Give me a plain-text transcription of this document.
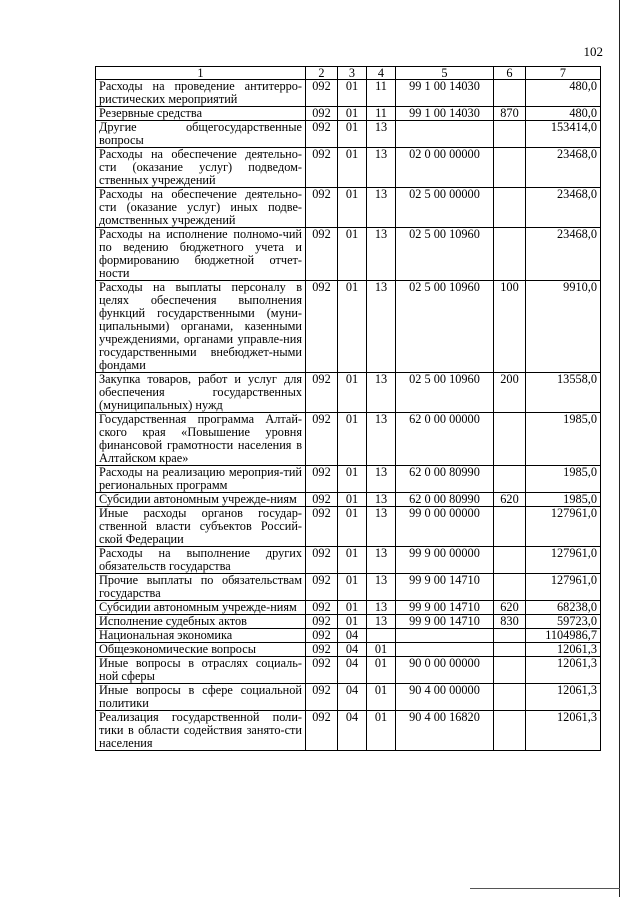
102
1	2	3	4	5	6	7
Расходы на проведение антитерро-ристических мероприятий	092	01	11	99 1 00 14030		480,0
Резервные средства	092	01	11	99 1 00 14030	870	480,0
Другие общегосударственные вопросы	092	01	13			153414,0
Расходы на обеспечение деятельно-сти (оказание услуг) подведом-ственных учреждений	092	01	13	02 0 00 00000		23468,0
Расходы на обеспечение деятельно-сти (оказание услуг) иных подве-домственных учреждений	092	01	13	02 5 00 00000		23468,0
Расходы на исполнение полномо-чий по ведению бюджетного учета и формированию бюджетной отчет-ности	092	01	13	02 5 00 10960		23468,0
Расходы на выплаты персоналу в целях обеспечения выполнения функций государственными (муни-ципальными) органами, казенными учреждениями, органами управле-ния государственными внебюджет-ными фондами	092	01	13	02 5 00 10960	100	9910,0
Закупка товаров, работ и услуг для обеспечения государственных (муниципальных) нужд	092	01	13	02 5 00 10960	200	13558,0
Государственная программа Алтай-ского края «Повышение уровня финансовой грамотности населения в Алтайском крае»	092	01	13	62 0 00 00000		1985,0
Расходы на реализацию мероприя-тий региональных программ	092	01	13	62 0 00 80990		1985,0
Субсидии автономным учрежде-ниям	092	01	13	62 0 00 80990	620	1985,0
Иные расходы органов государ-ственной власти субъектов Россий-ской Федерации	092	01	13	99 0 00 00000		127961,0
Расходы на выполнение других обязательств государства	092	01	13	99 9 00 00000		127961,0
Прочие выплаты по обязательствам государства	092	01	13	99 9 00 14710		127961,0
Субсидии автономным учрежде-ниям	092	01	13	99 9 00 14710	620	68238,0
Исполнение судебных актов	092	01	13	99 9 00 14710	830	59723,0
Национальная экономика	092	04				1104986,7
Общеэкономические вопросы	092	04	01			12061,3
Иные вопросы в отраслях социаль-ной сферы	092	04	01	90 0 00 00000		12061,3
Иные вопросы в сфере социальной политики	092	04	01	90 4 00 00000		12061,3
Реализация государственной поли-тики в области содействия занято-сти населения	092	04	01	90 4 00 16820		12061,3
